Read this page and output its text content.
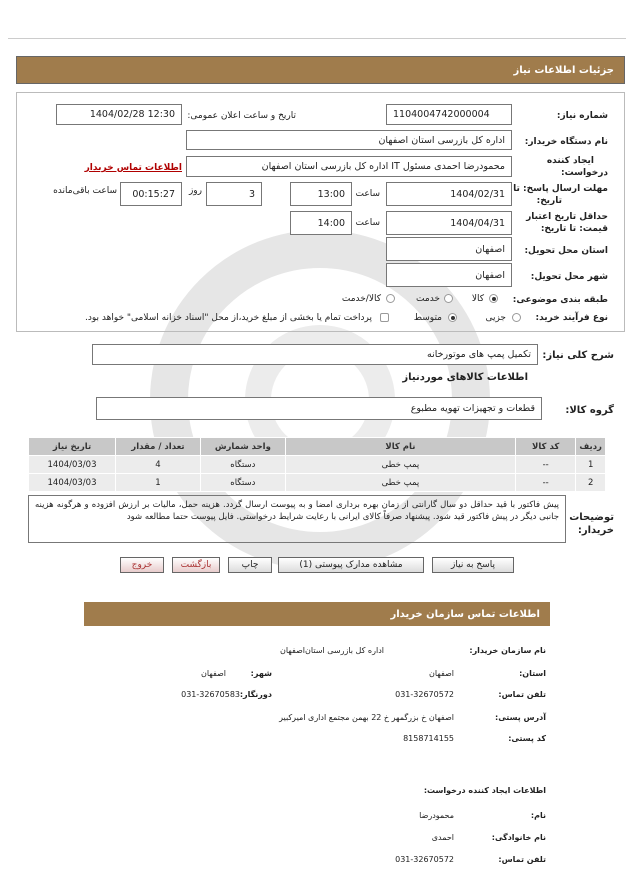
جزئیات اطلاعات نیاز
شماره نیاز:
1104004742000004
تاریخ و ساعت اعلان عمومی:
1404/02/28 12:30
نام دستگاه خریدار:
اداره کل بازرسی استان اصفهان
ایجاد کننده
درخواست:
محمودرضا احمدی مسئول IT اداره کل بازرسی استان اصفهان
اطلاعات تماس خریدار
مهلت ارسال پاسخ: تا
تاریخ:
1404/02/31
ساعت
13:00
3
روز
00:15:27
ساعت باقی‌مانده
حداقل تاریخ اعتبار
قیمت: تا تاریخ:
1404/04/31
ساعت
14:00
استان محل تحویل:
اصفهان
شهر محل تحویل:
اصفهان
طبقه بندی موضوعی:
کالا
خدمت
کالا/خدمت
نوع فرآیند خرید:
جزیی
متوسط
پرداخت تمام یا بخشی از مبلغ خرید،از محل "اسناد خزانه اسلامی" خواهد بود.
شرح کلی نیاز:
تکمیل پمپ های موتورخانه
اطلاعات کالاهای موردنیاز
گروه کالا:
قطعات و تجهیزات تهویه مطبوع
ردیف	کد کالا	نام کالا	واحد شمارش	تعداد / مقدار	تاریخ نیاز
1	--	پمپ خطی	دستگاه	4	1404/03/03
2	--	پمپ خطی	دستگاه	1	1404/03/03
توضیحات
خریدار:
پیش فاکتور با قید حداقل دو سال گارانتی از زمان بهره برداری امضا و به پیوست ارسال گردد. هزینه حمل، مالیات بر ارزش افزوده و هرگونه هزینه جانبی دیگر در پیش فاکتور قید شود. پیشنهاد صرفاً کالای ایرانی با رعایت شرایط درخواستی. فایل پیوست حتما مطالعه شود
پاسخ به نیاز
مشاهده مدارک پیوستی (1)
چاپ
بازگشت
خروج
اطلاعات تماس سازمان خریدار
نام سازمان خریدار:
اداره کل بازرسی استان‌اصفهان
استان:
اصفهان
شهر:
اصفهان
تلفن تماس:
031-32670572
دورنگار:
031-32670583
آدرس پستی:
اصفهان خ بزرگمهر خ 22 بهمن مجتمع اداری امیرکبیر
کد پستی:
8158714155
اطلاعات ایجاد کننده درخواست:
نام:
محمودرضا
نام خانوادگی:
احمدی
تلفن تماس:
031-32670572
